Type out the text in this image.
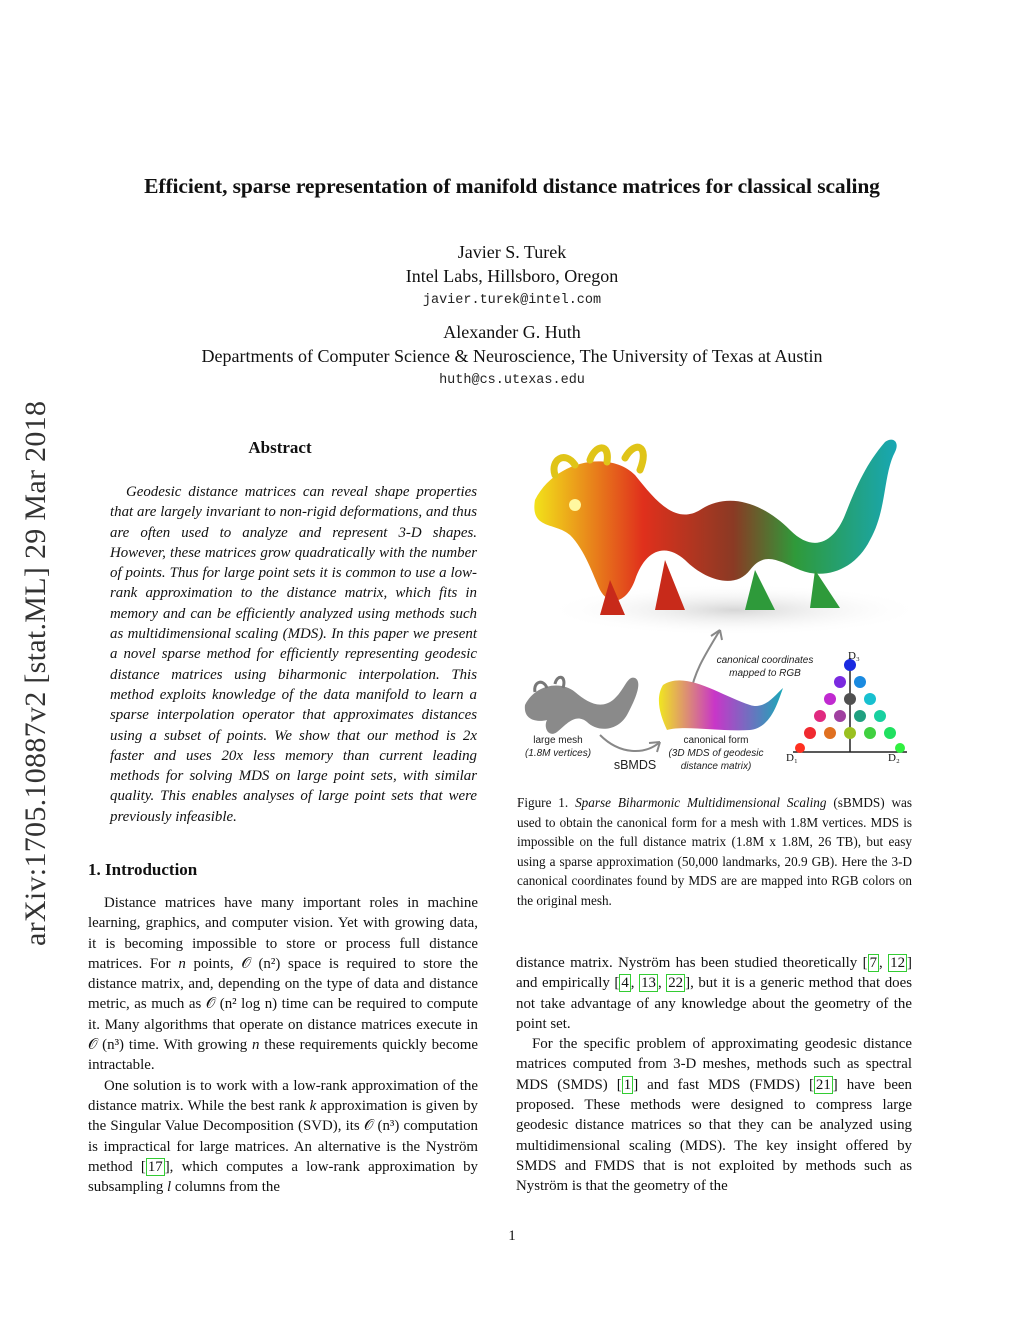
arXiv:1705.10887v2 [stat.ML] 29 Mar 2018
Efficient, sparse representation of manifold distance matrices for classical scaling
Javier S. Turek
Intel Labs, Hillsboro, Oregon
javier.turek@intel.com
Alexander G. Huth
Departments of Computer Science & Neuroscience, The University of Texas at Austin
huth@cs.utexas.edu
Abstract

Geodesic distance matrices can reveal shape properties that are largely invariant to non-rigid deformations, and thus are often used to analyze and represent 3-D shapes. However, these matrices grow quadratically with the number of points. Thus for large point sets it is common to use a low-rank approximation to the distance matrix, which fits in memory and can be efficiently analyzed using methods such as multidimensional scaling (MDS). In this paper we present a novel sparse method for efficiently representing geodesic distance matrices using biharmonic interpolation. This method exploits knowledge of the data manifold to learn a sparse interpolation operator that approximates distances using a subset of points. We show that our method is 2x faster and uses 20x less memory than current leading methods for solving MDS on large point sets, with similar quality. This enables analyses of large point sets that were previously infeasible.

1. Introduction

Distance matrices have many important roles in machine learning, graphics, and computer vision. Yet with growing data, it is becoming impossible to store or process full distance matrices. For n points, 𝒪 (n²) space is required to store the distance matrix, and, depending on the type of data and distance metric, as much as 𝒪 (n² log n) time can be required to compute it. Many algorithms that operate on distance matrices execute in 𝒪 (n³) time. With growing n these requirements quickly become intractable.

One solution is to work with a low-rank approximation of the distance matrix. While the best rank k approximation is given by the Singular Value Decomposition (SVD), its 𝒪 (n³) computation is impractical for large matrices. An alternative is the Nyström method [ 17 ], which computes a low-rank approximation by subsampling l columns from the

canonical coordinates
mapped to RGB
large mesh
(1.8M vertices)
sBMDS
canonical form
(3D MDS of geodesic
distance matrix)
D₁	D₂
D₃
Figure 1. Sparse Biharmonic Multidimensional Scaling (sBMDS) was used to obtain the canonical form for a mesh with 1.8M vertices. MDS is impossible on the full distance matrix (1.8M x 1.8M, 26 TB), but easy using a sparse approximation (50,000 landmarks, 20.9 GB). Here the 3-D canonical coordinates found by MDS are are mapped into RGB colors on the original mesh.

distance matrix. Nyström has been studied theoretically [ 7 , 12 ] and empirically [ 4 , 13 , 22 ], but it is a generic method that does not take advantage of any knowledge about the geometry of the point set.

For the specific problem of approximating geodesic distance matrices computed from 3-D meshes, methods such as spectral MDS (SMDS) [ 1 ] and fast MDS (FMDS) [ 21 ] have been proposed. These methods were designed to compress large geodesic distance matrices so that they can be analyzed using multidimensional scaling (MDS). The key insight offered by SMDS and FMDS that is not exploited by methods such as Nyström is that the geometry of the

1
